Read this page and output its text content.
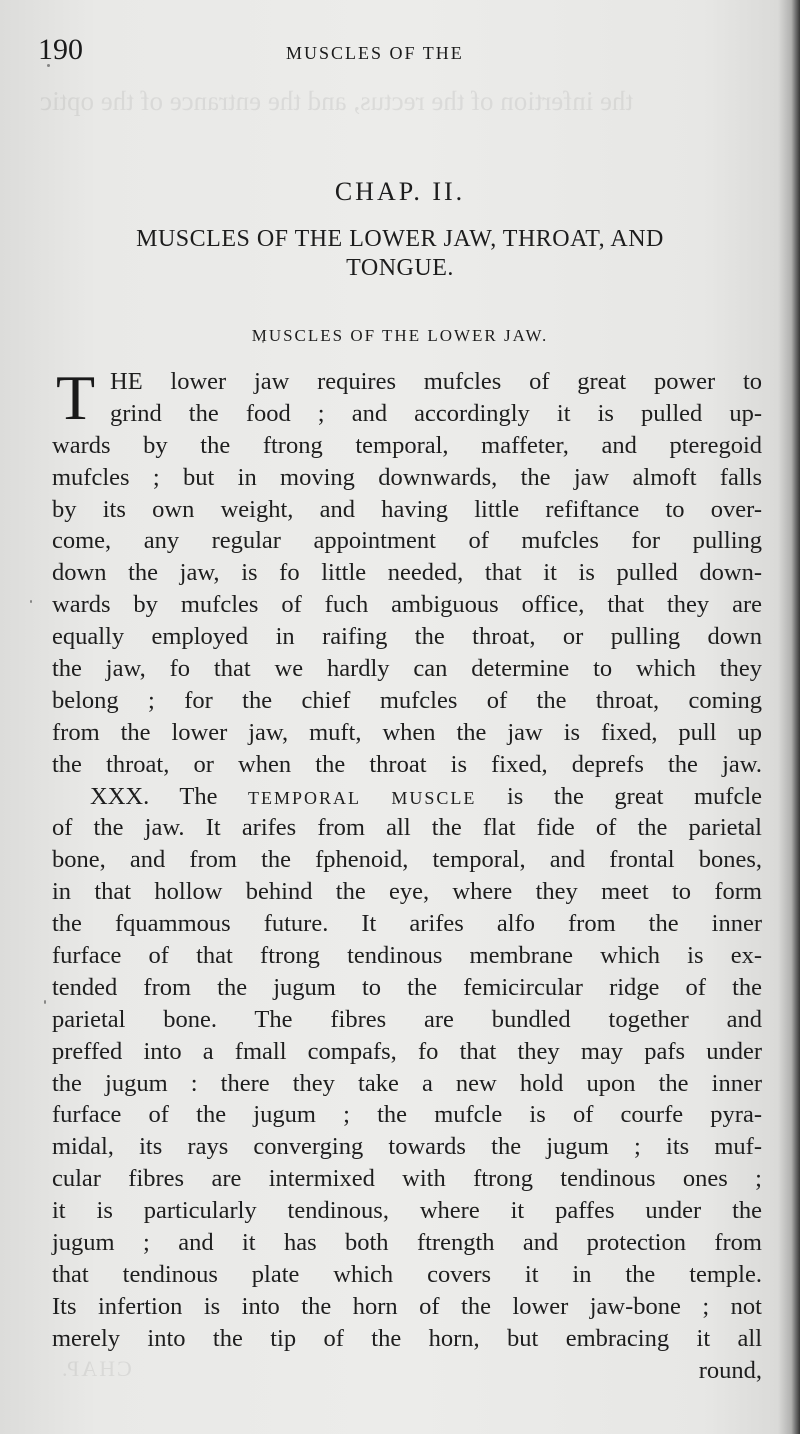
the infertion of the rectus, and the entrance of the optic
CHAP.
190	MUSCLES OF THE
CHAP. II.
MUSCLES OF THE LOWER JAW, THROAT, AND
TONGUE.
MUSCLES OF THE LOWER JAW.
T HE lower jaw requires mufcles of great power to
grind the food ; and accordingly it is pulled up-
wards by the ftrong temporal, maffeter, and pteregoid
mufcles ; but in moving downwards, the jaw almoft falls
by its own weight, and having little refiftance to over-
come, any regular appointment of mufcles for pulling
down the jaw, is fo little needed, that it is pulled down-
wards by mufcles of fuch ambiguous office, that they are
equally employed in raifing the throat, or pulling down
the jaw, fo that we hardly can determine to which they
belong ; for the chief mufcles of the throat, coming
from the lower jaw, muft, when the jaw is fixed, pull up
the throat, or when the throat is fixed, deprefs the jaw.
XXX. The TEMPORAL MUSCLE is the great mufcle
of the jaw. It arifes from all the flat fide of the parietal
bone, and from the fphenoid, temporal, and frontal bones,
in that hollow behind the eye, where they meet to form
the fquammous future. It arifes alfo from the inner
furface of that ftrong tendinous membrane which is ex-
tended from the jugum to the femicircular ridge of the
parietal bone. The fibres are bundled together and
preffed into a fmall compafs, fo that they may pafs under
the jugum : there they take a new hold upon the inner
furface of the jugum ; the mufcle is of courfe pyra-
midal, its rays converging towards the jugum ; its muf-
cular fibres are intermixed with ftrong tendinous ones ;
it is particularly tendinous, where it paffes under the
jugum ; and it has both ftrength and protection from
that tendinous plate which covers it in the temple.
Its infertion is into the horn of the lower jaw-bone ; not
merely into the tip of the horn, but embracing it all
round,
